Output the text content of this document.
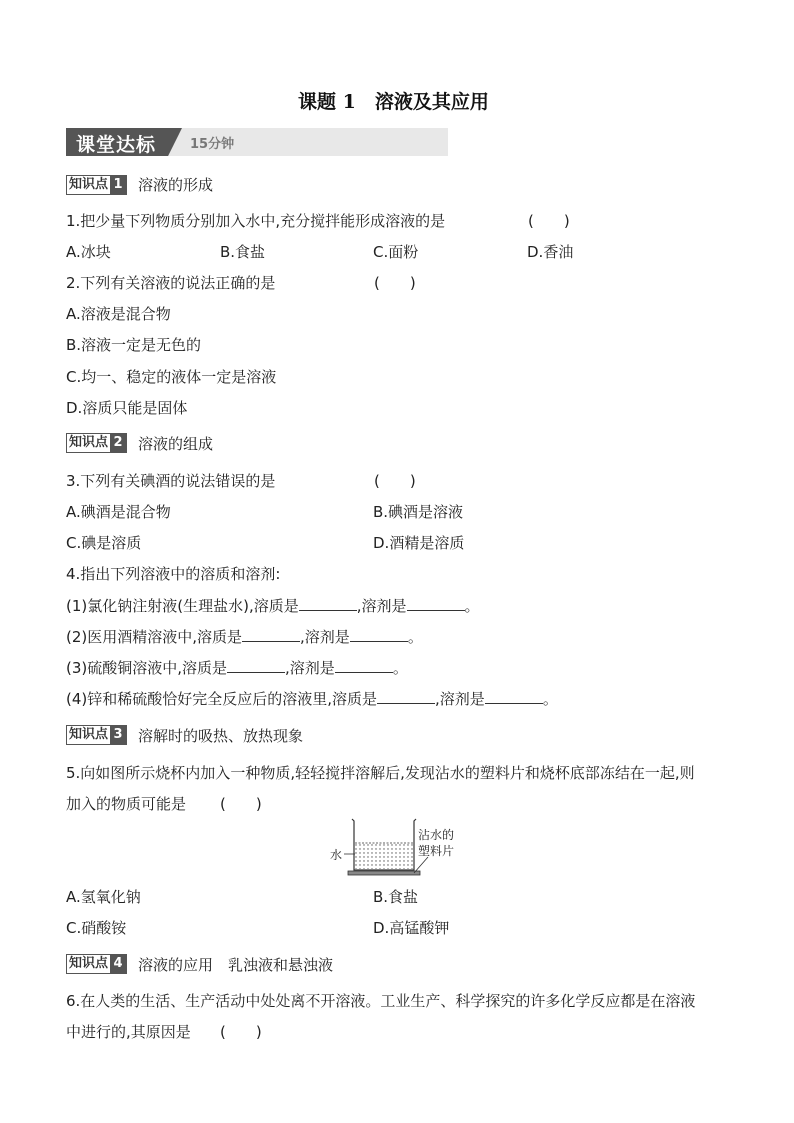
课题 1　溶液及其应用
课堂达标	15分钟
知识点 1 溶液的形成
1.把少量下列物质分别加入水中,充分搅拌能形成溶液的是	(　　)
A.冰块	B.食盐	C.面粉	D.香油
2.下列有关溶液的说法正确的是	(　　)
A.溶液是混合物
B.溶液一定是无色的
C.均一、稳定的液体一定是溶液
D.溶质只能是固体
知识点 2 溶液的组成
3.下列有关碘酒的说法错误的是	(　　)
A.碘酒是混合物	B.碘酒是溶液
C.碘是溶质	D.酒精是溶质
4.指出下列溶液中的溶质和溶剂:
(1)氯化钠注射液(生理盐水),溶质是	,溶剂是	。
(2)医用酒精溶液中,溶质是	,溶剂是	。
(3)硫酸铜溶液中,溶质是	,溶剂是	。
(4)锌和稀硫酸恰好完全反应后的溶液里,溶质是	,溶剂是	。
知识点 3 溶解时的吸热、放热现象
5.向如图所示烧杯内加入一种物质,轻轻搅拌溶解后,发现沾水的塑料片和烧杯底部冻结在一起,则
加入的物质可能是 (　　)
水
沾水的
塑料片
A.氢氧化钠	B.食盐
C.硝酸铵	D.高锰酸钾
知识点 4 溶液的应用　乳浊液和悬浊液
6.在人类的生活、生产活动中处处离不开溶液。工业生产、科学探究的许多化学反应都是在溶液
中进行的,其原因是 (　　)
